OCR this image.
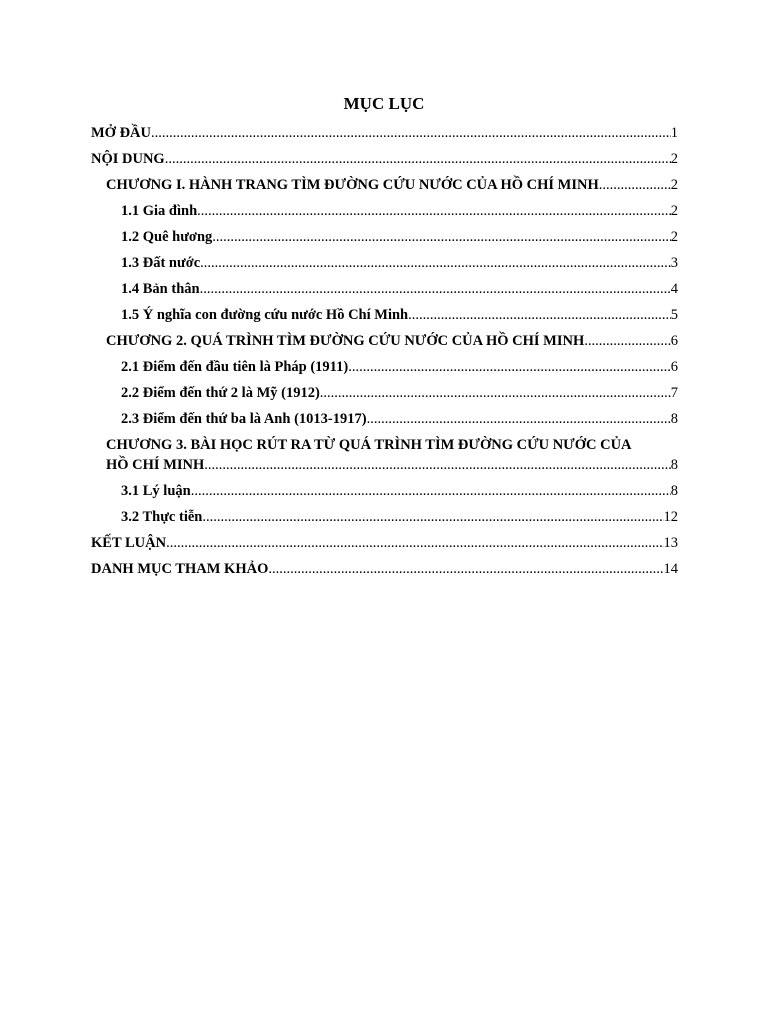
MỤC LỤC
MỞ ĐẦU .....	1
NỘI DUNG .....	2
CHƯƠNG I. HÀNH TRANG TÌM ĐƯỜNG CỨU NƯỚC CỦA HỒ CHÍ MINH .....	2
1.1 Gia đình .....	2
1.2 Quê hương .....	2
1.3 Đất nước .....	3
1.4 Bản thân .....	4
1.5 Ý nghĩa con đường cứu nước Hồ Chí Minh .....	5
CHƯƠNG 2. QUÁ TRÌNH TÌM ĐƯỜNG CỨU NƯỚC CỦA HỒ CHÍ MINH .....	6
2.1 Điểm đến đầu tiên là Pháp (1911) .....	6
2.2 Điểm đến thứ 2 là Mỹ (1912) .....	7
2.3 Điểm đến thứ ba là Anh (1013-1917) .....	8
CHƯƠNG 3. BÀI HỌC RÚT RA TỪ QUÁ TRÌNH TÌM ĐƯỜNG CỨU NƯỚC CỦA
HỒ CHÍ MINH .....	8
3.1 Lý luận .....	8
3.2 Thực tiễn .....	12
KẾT LUẬN .....	13
DANH MỤC THAM KHẢO .....	14
